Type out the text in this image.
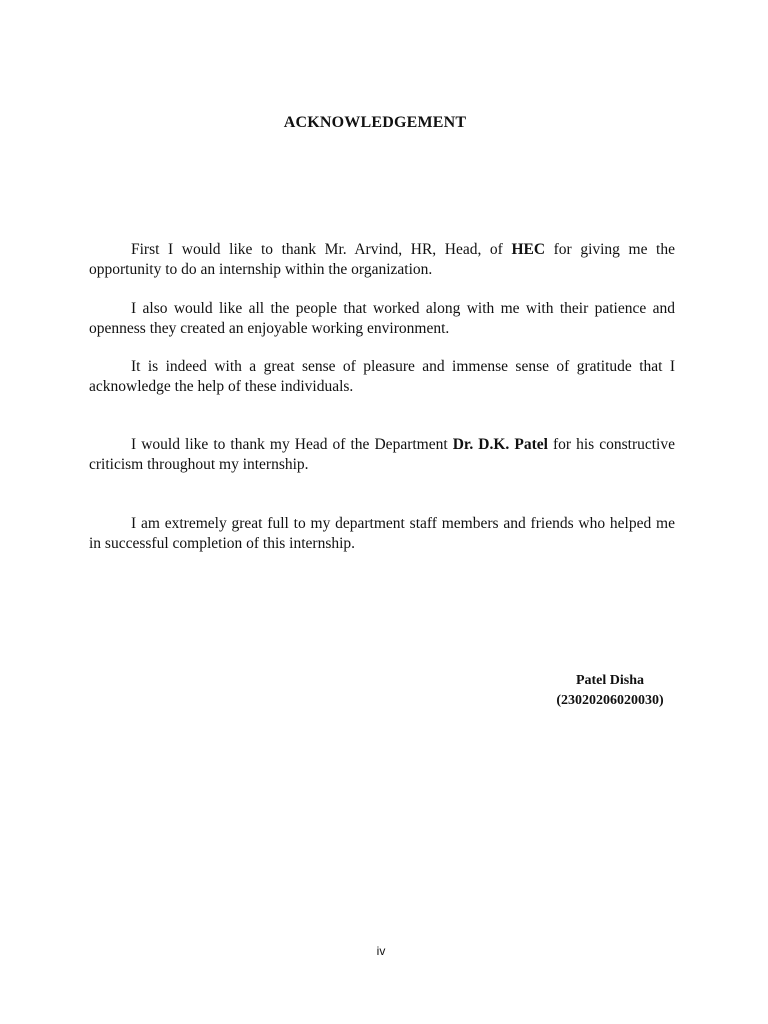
ACKNOWLEDGEMENT

First I would like to thank Mr. Arvind, HR, Head, of HEC for giving me the opportunity to do an internship within the organization.

I also would like all the people that worked along with me with their patience and openness they created an enjoyable working environment.

It is indeed with a great sense of pleasure and immense sense of gratitude that I acknowledge the help of these individuals.

I would like to thank my Head of the Department Dr. D.K. Patel for his constructive criticism throughout my internship.

I am extremely great full to my department staff members and friends who helped me in successful completion of this internship.

Patel Disha
(23020206020030)
iv
